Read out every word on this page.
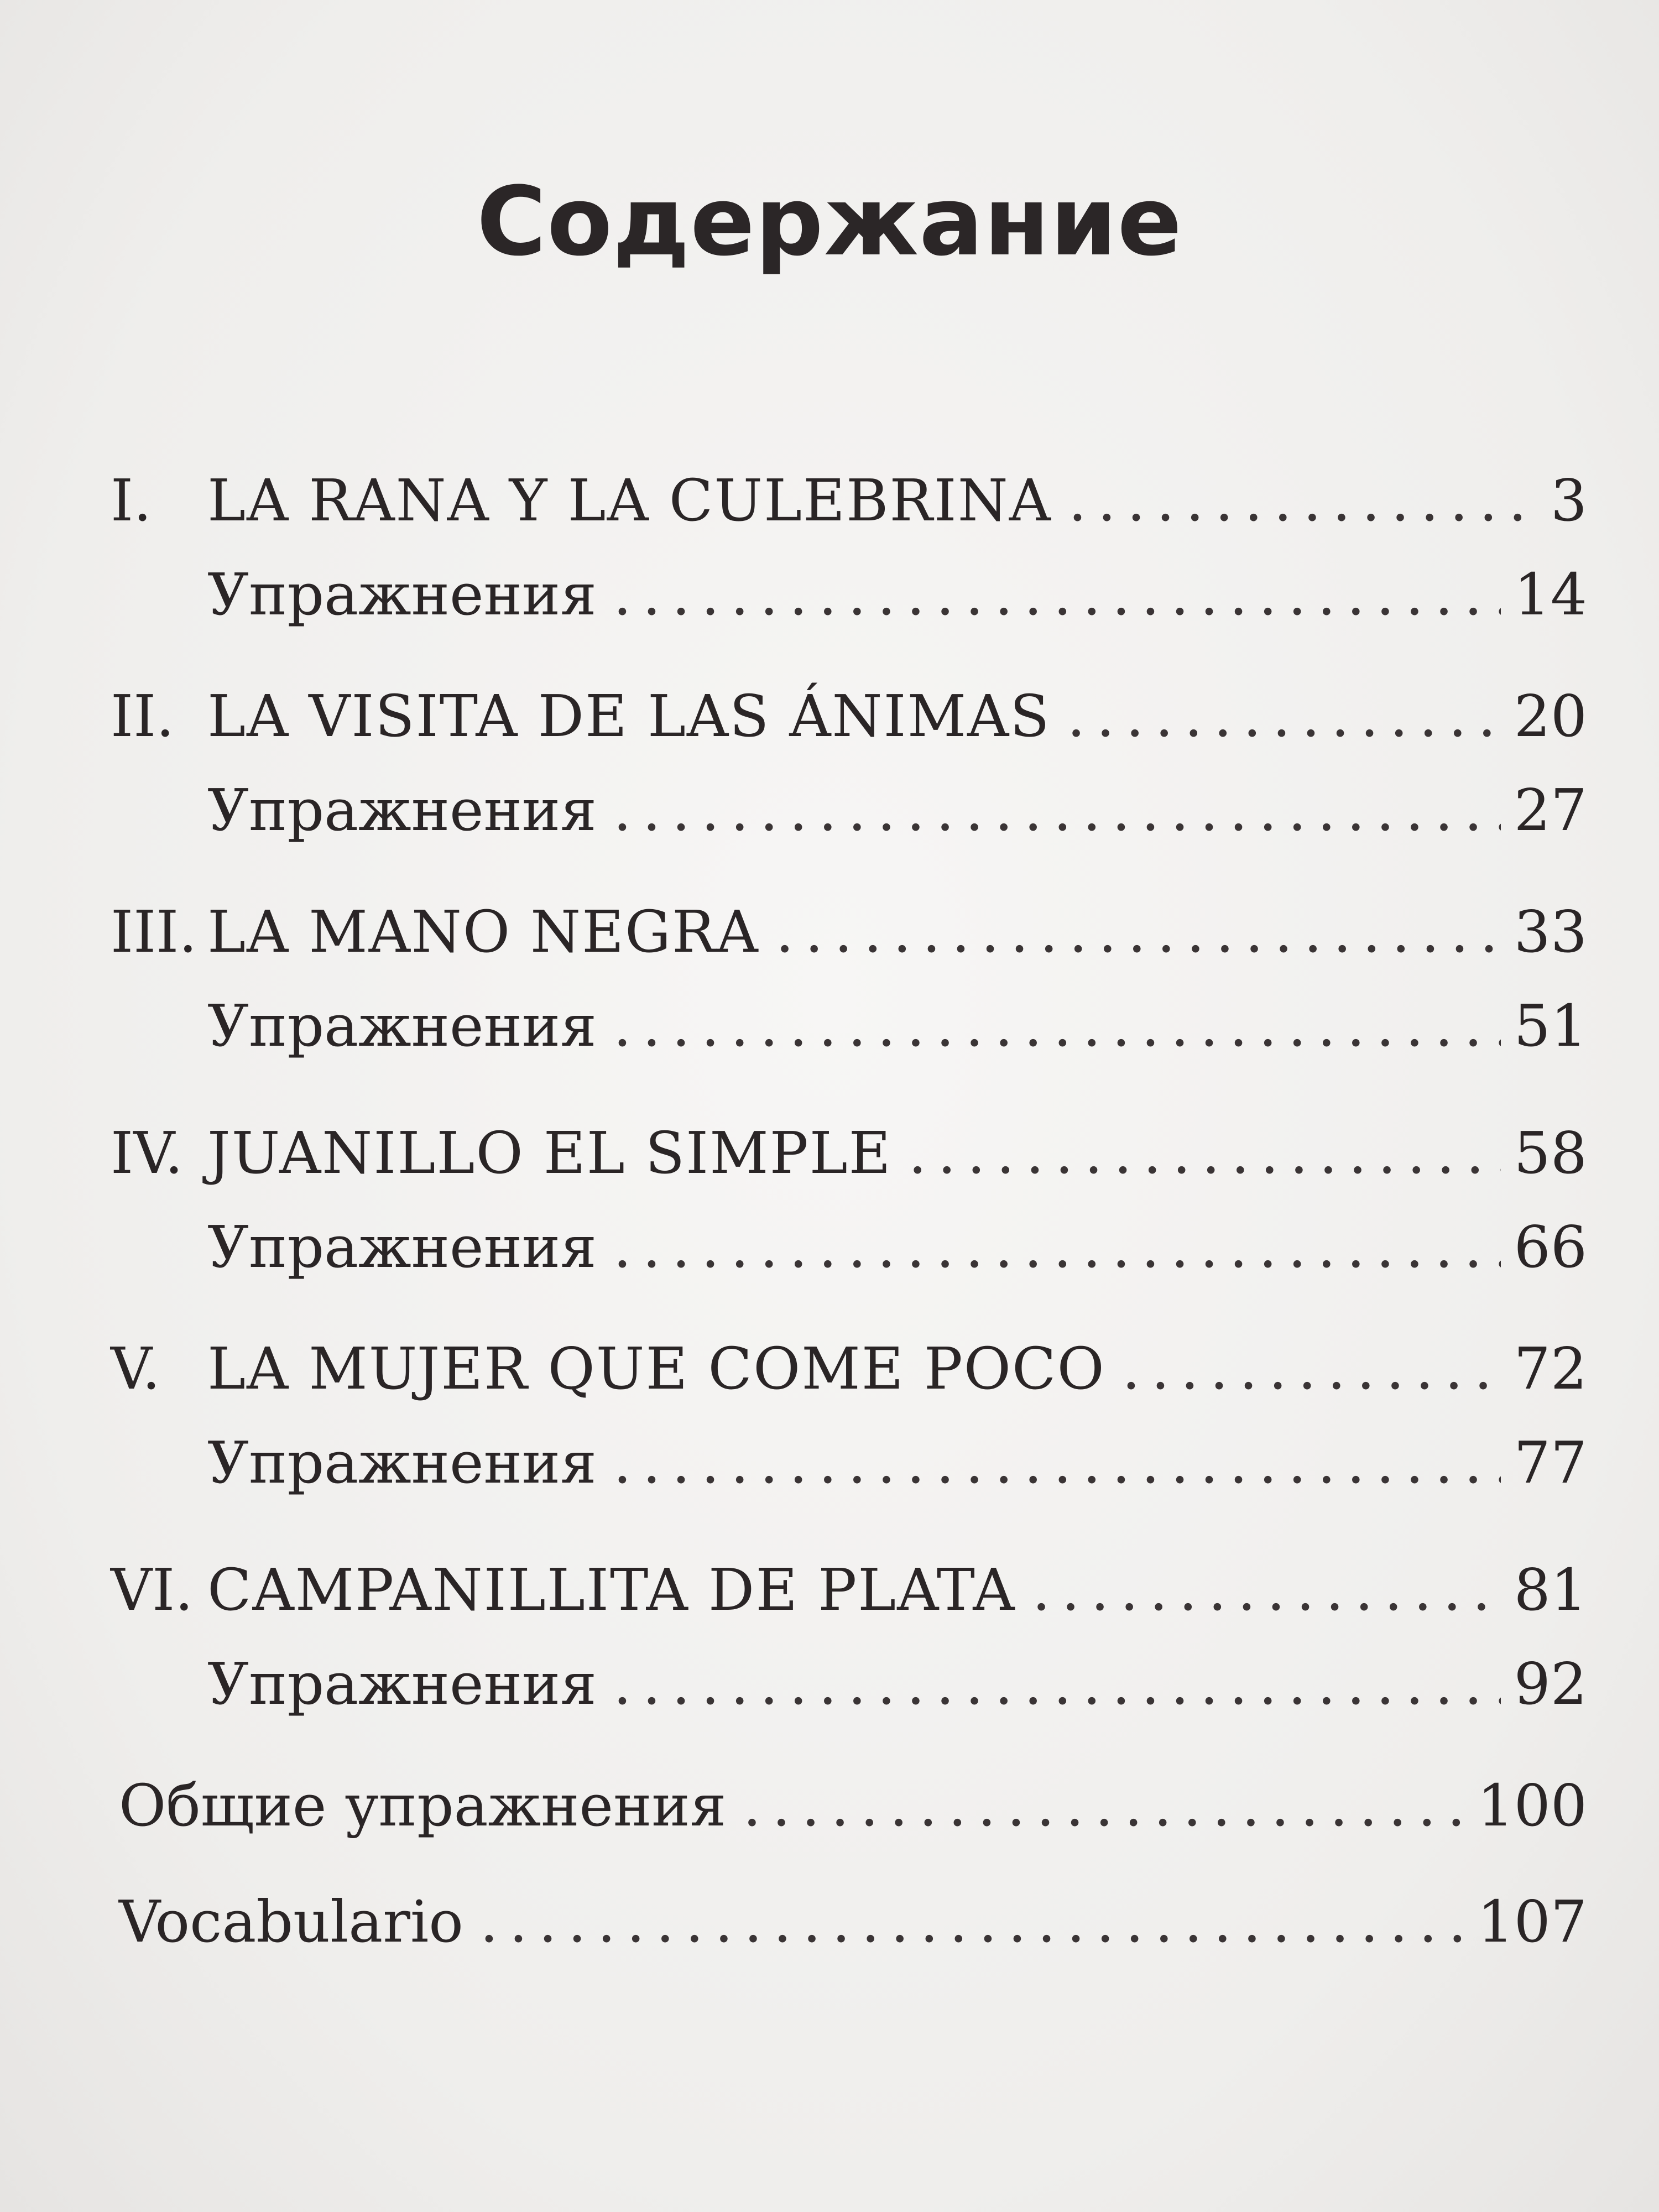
Содержание
I. LA RANA Y LA CULEBRINA .....	3
Упражнения .....	14
II. LA VISITA DE LAS ÁNIMAS .....	20
Упражнения .....	27
III. LA MANO NEGRA .....	33
Упражнения .....	51
IV. JUANILLO EL SIMPLE .....	58
Упражнения .....	66
V. LA MUJER QUE COME POCO .....	72
Упражнения .....	77
VI. CAMPANILLITA DE PLATA .....	81
Упражнения .....	92
Общие упражнения .....	100
Vocabulario .....	107
